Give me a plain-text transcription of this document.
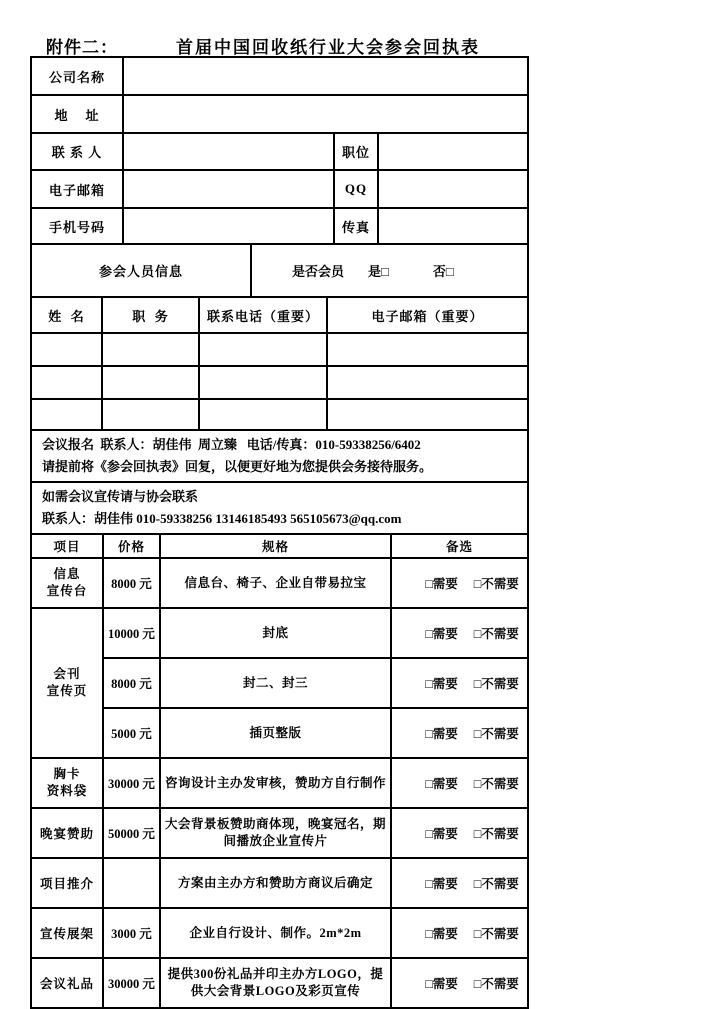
附件二：	首届中国回收纸行业大会参会回执表

公司名称			
地    址			
联 系 人		职位	
电子邮箱		QQ	
手机号码		传真	
参会人员信息	是否会员 是□	否□

姓  名	职  务	联系电话（重要）	电子邮箱（重要）

会议报名  联系人：胡佳伟  周立臻   电话/传真：010-59338256/6402
请提前将《参会回执表》回复，以便更好地为您提供会务接待服务。

如需会议宣传请与协会联系
联系人：胡佳伟 010-59338256 13146185493 565105673@qq.com
项目	价格	规格	备选

信息
宣传台	8000 元	信息台、椅子、企业自带易拉宝	□需要 □不需要

会刊
宣传页	10000 元	封底	□需要 □不需要

	8000 元	封二、封三	□需要 □不需要

	5000 元	插页整版	□需要 □不需要

胸卡
资料袋	30000 元	咨询设计主办发审核，赞助方自行制作	□需要 □不需要

晚宴赞助	50000 元	大会背景板赞助商体现，晚宴冠名，期间播放企业宣传片	□需要 □不需要

项目推介		方案由主办方和赞助方商议后确定	□需要 □不需要

宣传展架	3000 元	企业自行设计、制作。2m*2m	□需要 □不需要

会议礼品	30000 元	提供300份礼品并印主办方LOGO，提供大会背景LOGO及彩页宣传	□需要 □不需要
